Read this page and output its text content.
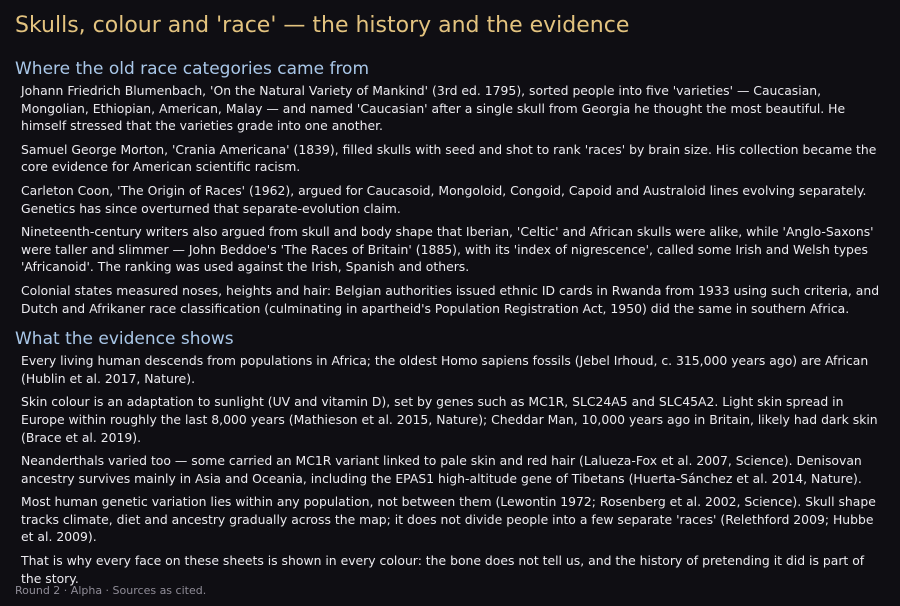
Skulls, colour and 'race' — the history and the evidence
Where the old race categories came from

Johann Friedrich Blumenbach, 'On the Natural Variety of Mankind' (3rd ed. 1795), sorted people into five 'varieties' — Caucasian, Mongolian, Ethiopian, American, Malay — and named 'Caucasian' after a single skull from Georgia he thought the most beautiful. He himself stressed that the varieties grade into one another.

Samuel George Morton, 'Crania Americana' (1839), filled skulls with seed and shot to rank 'races' by brain size. His collection became the core evidence for American scientific racism.

Carleton Coon, 'The Origin of Races' (1962), argued for Caucasoid, Mongoloid, Congoid, Capoid and Australoid lines evolving separately. Genetics has since overturned that separate-evolution claim.

Nineteenth-century writers also argued from skull and body shape that Iberian, 'Celtic' and African skulls were alike, while 'Anglo-Saxons' were taller and slimmer — John Beddoe's 'The Races of Britain' (1885), with its 'index of nigrescence', called some Irish and Welsh types 'Africanoid'. The ranking was used against the Irish, Spanish and others.

Colonial states measured noses, heights and hair: Belgian authorities issued ethnic ID cards in Rwanda from 1933 using such criteria, and Dutch and Afrikaner race classification (culminating in apartheid's Population Registration Act, 1950) did the same in southern Africa.

What the evidence shows

Every living human descends from populations in Africa; the oldest Homo sapiens fossils (Jebel Irhoud, c. 315,000 years ago) are African (Hublin et al. 2017, Nature).

Skin colour is an adaptation to sunlight (UV and vitamin D), set by genes such as MC1R, SLC24A5 and SLC45A2. Light skin spread in Europe within roughly the last 8,000 years (Mathieson et al. 2015, Nature); Cheddar Man, 10,000 years ago in Britain, likely had dark skin (Brace et al. 2019).

Neanderthals varied too — some carried an MC1R variant linked to pale skin and red hair (Lalueza-Fox et al. 2007, Science). Denisovan ancestry survives mainly in Asia and Oceania, including the EPAS1 high-altitude gene of Tibetans (Huerta-Sánchez et al. 2014, Nature).

Most human genetic variation lies within any population, not between them (Lewontin 1972; Rosenberg et al. 2002, Science). Skull shape tracks climate, diet and ancestry gradually across the map; it does not divide people into a few separate 'races' (Relethford 2009; Hubbe et al. 2009).

That is why every face on these sheets is shown in every colour: the bone does not tell us, and the history of pretending it did is part of the story.

Round 2 · Alpha · Sources as cited.
